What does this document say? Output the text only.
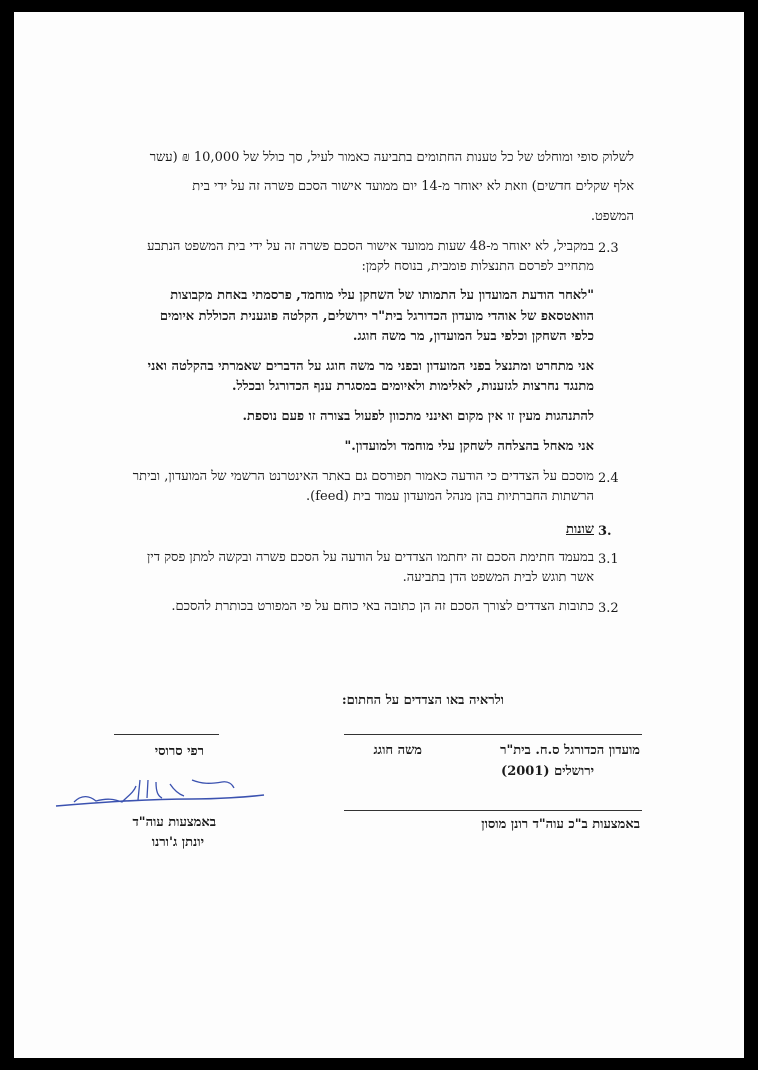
לשלוק סופי ומוחלט של כל טענות החתומים בתביעה כאמור לעיל, סך כולל של 10,000 ₪ (עשר
אלף שקלים חדשים) וזאת לא יאוחר מ-14 יום ממועד אישור הסכם פשרה זה על ידי בית
המשפט.
2.3
במקביל, לא יאוחר מ-48 שעות ממועד אישור הסכם פשרה זה על ידי בית המשפט הנתבע
מתחייב לפרסם התנצלות פומבית, בנוסח לקמן:
"לאחר הודעת המועדון על התמותו של השחקן עלי מוחמד, פרסמתי באחת מקבוצות
הוואטסאפ של אוהדי מועדון הכדורגל בית"ר ירושלים, הקלטה פוגענית הכוללת איומים
כלפי השחקן וכלפי בעל המועדון, מר משה חוגג.
אני מתחרט ומתנצל בפני המועדון ובפני מר משה חוגג על הדברים שאמרתי בהקלטה ואני
מתנגד נחרצות לגזענות, לאלימות ולאיומים במסגרת ענף הכדורגל ובכלל.
להתנהגות מעין זו אין מקום ואינני מתכוון לפעול בצורה זו פעם נוספת.
אני מאחל בהצלחה לשחקן עלי מוחמד ולמועדון."
2.4
מוסכם על הצדדים כי הודעה כאמור תפורסם גם באתר האינטרנט הרשמי של המועדון, וביתר
הרשתות החברתיות בהן מנהל המועדון עמוד בית (feed).
3.
שונות
3.1
במעמד חתימת הסכם זה יחתמו הצדדים על הודעה על הסכם פשרה ובקשה למתן פסק דין
אשר תוגש לבית המשפט הדן בתביעה.
3.2
כתובות הצדדים לצורך הסכם זה הן כתובה באי כוחם על פי המפורט בכותרת להסכם.
ולראיה באו הצדדים על החתום:
רפי סרוסי
באמצעות עוה"ד
יונתן ג'ורנו
מועדון הכדורגל ס.ח. בית"ר
משה חוגג
ירושלים (2001)
באמצעות ב"כ עוה"ד רונן מוסון
